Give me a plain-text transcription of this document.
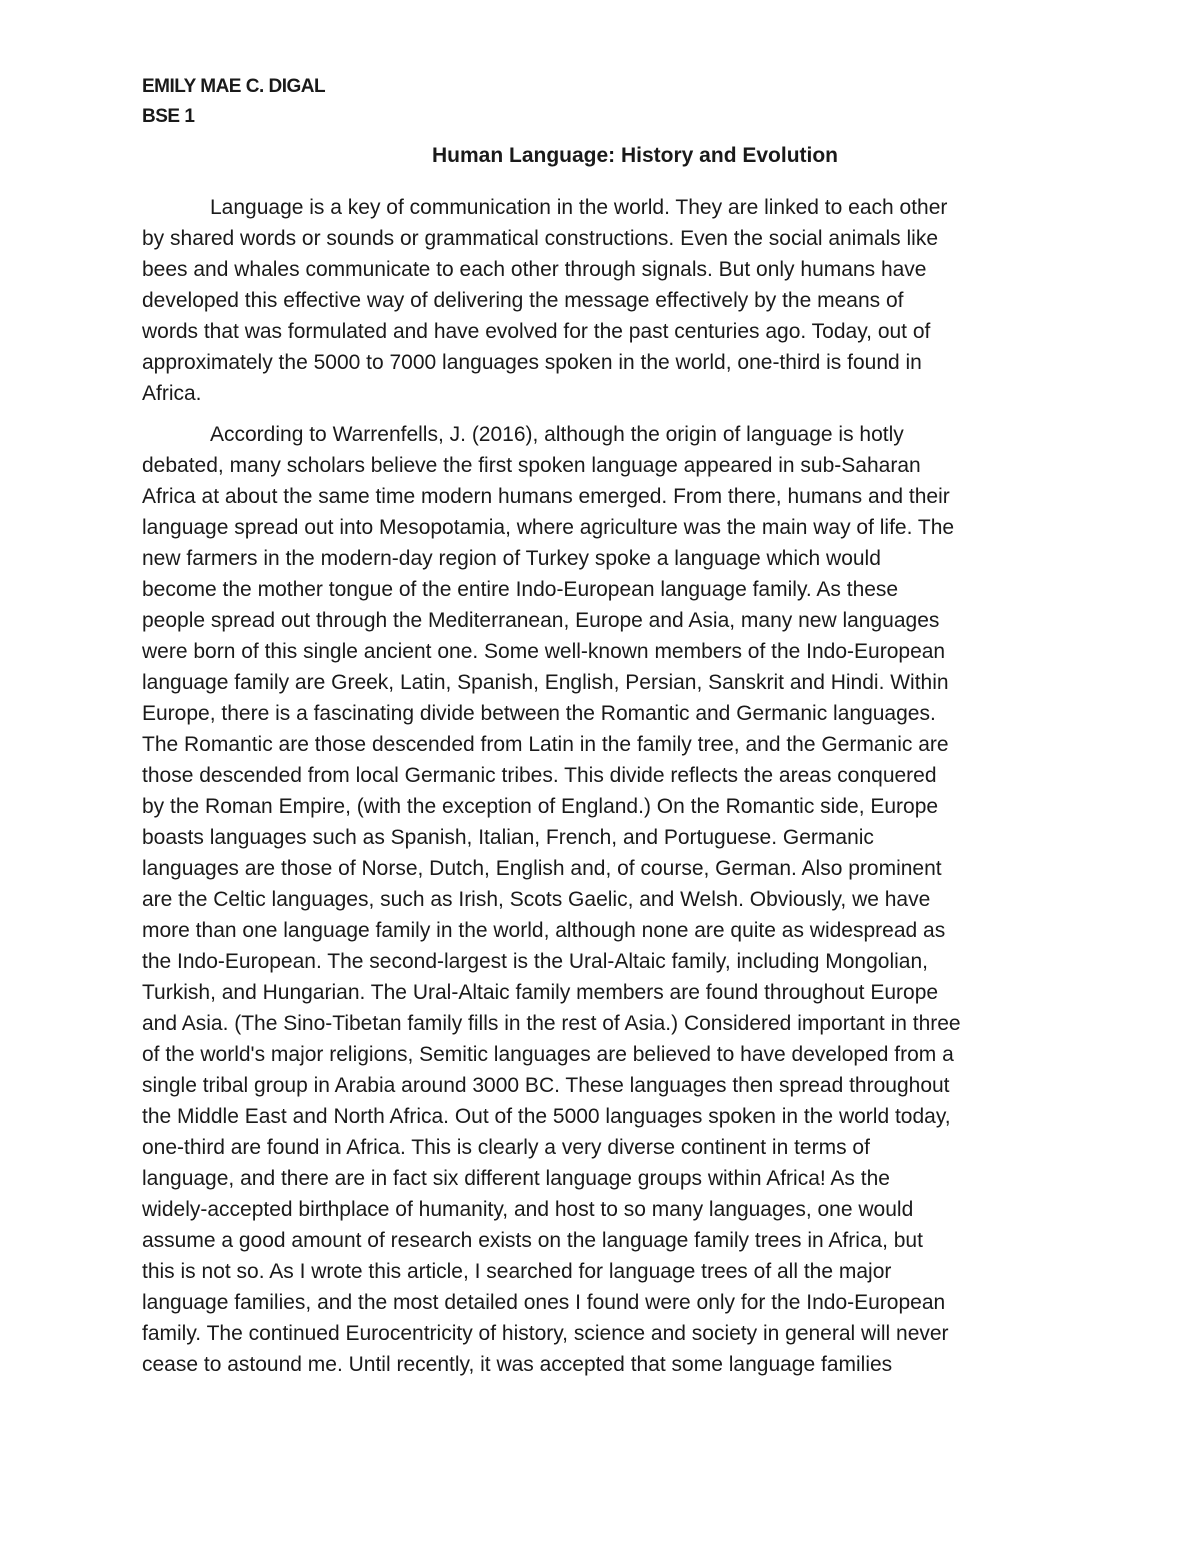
EMILY MAE C. DIGAL
BSE 1
Human Language: History and Evolution
Language is a key of communication in the world. They are linked to each other
by shared words or sounds or grammatical constructions. Even the social animals like
bees and whales communicate to each other through signals. But only humans have
developed this effective way of delivering the message effectively by the means of
words that was formulated and have evolved for the past centuries ago. Today, out of
approximately the 5000 to 7000 languages spoken in the world, one-third is found in
Africa.
According to Warrenfells, J. (2016), although the origin of language is hotly
debated, many scholars believe the first spoken language appeared in sub-Saharan
Africa at about the same time modern humans emerged. From there, humans and their
language spread out into Mesopotamia, where agriculture was the main way of life. The
new farmers in the modern-day region of Turkey spoke a language which would
become the mother tongue of the entire Indo-European language family. As these
people spread out through the Mediterranean, Europe and Asia, many new languages
were born of this single ancient one. Some well-known members of the Indo-European
language family are Greek, Latin, Spanish, English, Persian, Sanskrit and Hindi. Within
Europe, there is a fascinating divide between the Romantic and Germanic languages.
The Romantic are those descended from Latin in the family tree, and the Germanic are
those descended from local Germanic tribes. This divide reflects the areas conquered
by the Roman Empire, (with the exception of England.) On the Romantic side, Europe
boasts languages such as Spanish, Italian, French, and Portuguese. Germanic
languages are those of Norse, Dutch, English and, of course, German. Also prominent
are the Celtic languages, such as Irish, Scots Gaelic, and Welsh. Obviously, we have
more than one language family in the world, although none are quite as widespread as
the Indo-European. The second-largest is the Ural-Altaic family, including Mongolian,
Turkish, and Hungarian. The Ural-Altaic family members are found throughout Europe
and Asia. (The Sino-Tibetan family fills in the rest of Asia.) Considered important in three
of the world's major religions, Semitic languages are believed to have developed from a
single tribal group in Arabia around 3000 BC. These languages then spread throughout
the Middle East and North Africa. Out of the 5000 languages spoken in the world today,
one-third are found in Africa. This is clearly a very diverse continent in terms of
language, and there are in fact six different language groups within Africa! As the
widely-accepted birthplace of humanity, and host to so many languages, one would
assume a good amount of research exists on the language family trees in Africa, but
this is not so. As I wrote this article, I searched for language trees of all the major
language families, and the most detailed ones I found were only for the Indo-European
family. The continued Eurocentricity of history, science and society in general will never
cease to astound me. Until recently, it was accepted that some language families
